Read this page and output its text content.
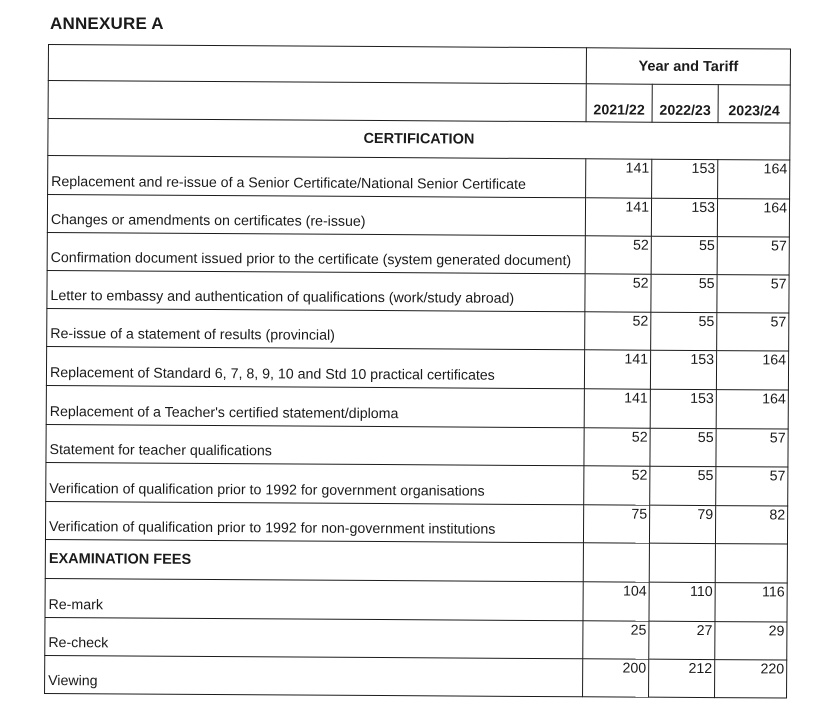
ANNEXURE A
	Year and Tariff		
	2021/22	2022/23	2023/24
CERTIFICATION			
Replacement and re-issue of a Senior Certificate/National Senior Certificate	141	153	164
Changes or amendments on certificates (re-issue)	141	153	164
Confirmation document issued prior to the certificate (system generated document)	52	55	57
Letter to embassy and authentication of qualifications (work/study abroad)	52	55	57
Re-issue of a statement of results (provincial)	52	55	57
Replacement of Standard 6, 7, 8, 9, 10 and Std 10 practical certificates	141	153	164
Replacement of a Teacher's certified statement/diploma	141	153	164
Statement for teacher qualifications	52	55	57
Verification of qualification prior to 1992 for government organisations	52	55	57
Verification of qualification prior to 1992 for non-government institutions	75	79	82
EXAMINATION FEES			
Re-mark	104	110	116
Re-check	25	27	29
Viewing	200	212	220
